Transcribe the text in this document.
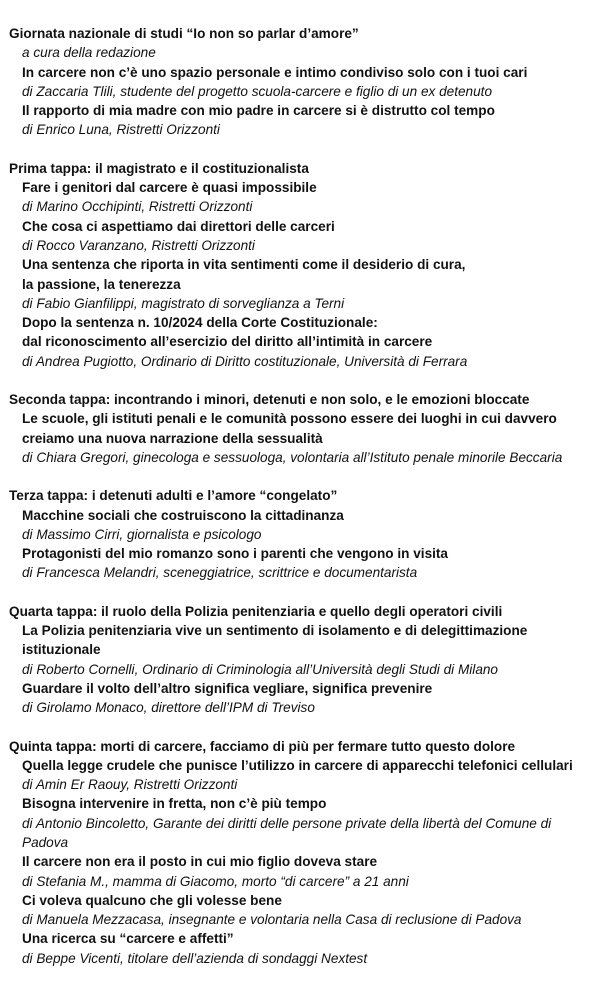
Giornata nazionale di studi “Io non so parlar d’amore”
a cura della redazione
In carcere non c’è uno spazio personale e intimo condiviso solo con i tuoi cari
di Zaccaria Tlili, studente del progetto scuola-carcere e figlio di un ex detenuto
Il rapporto di mia madre con mio padre in carcere si è distrutto col tempo
di Enrico Luna, Ristretti Orizzonti
Prima tappa: il magistrato e il costituzionalista
Fare i genitori dal carcere è quasi impossibile
di Marino Occhipinti, Ristretti Orizzonti
Che cosa ci aspettiamo dai direttori delle carceri
di Rocco Varanzano, Ristretti Orizzonti
Una sentenza che riporta in vita sentimenti come il desiderio di cura,
la passione, la tenerezza
di Fabio Gianfilippi, magistrato di sorveglianza a Terni
Dopo la sentenza n. 10/2024 della Corte Costituzionale:
dal riconoscimento all’esercizio del diritto all’intimità in carcere
di Andrea Pugiotto, Ordinario di Diritto costituzionale, Università di Ferrara
Seconda tappa: incontrando i minori, detenuti e non solo, e le emozioni bloccate
Le scuole, gli istituti penali e le comunità possono essere dei luoghi in cui davvero
creiamo una nuova narrazione della sessualità
di Chiara Gregori, ginecologa e sessuologa, volontaria all’Istituto penale minorile Beccaria
Terza tappa: i detenuti adulti e l’amore “congelato”
Macchine sociali che costruiscono la cittadinanza
di Massimo Cirri, giornalista e psicologo
Protagonisti del mio romanzo sono i parenti che vengono in visita
di Francesca Melandri, sceneggiatrice, scrittrice e documentarista
Quarta tappa: il ruolo della Polizia penitenziaria e quello degli operatori civili
La Polizia penitenziaria vive un sentimento di isolamento e di delegittimazione
istituzionale
di Roberto Cornelli, Ordinario di Criminologia all’Università degli Studi di Milano
Guardare il volto dell’altro significa vegliare, significa prevenire
di Girolamo Monaco, direttore dell’IPM di Treviso
Quinta tappa: morti di carcere, facciamo di più per fermare tutto questo dolore
Quella legge crudele che punisce l’utilizzo in carcere di apparecchi telefonici cellulari
di Amin Er Raouy, Ristretti Orizzonti
Bisogna intervenire in fretta, non c’è più tempo
di Antonio Bincoletto, Garante dei diritti delle persone private della libertà del Comune di
Padova
Il carcere non era il posto in cui mio figlio doveva stare
di Stefania M., mamma di Giacomo, morto “di carcere” a 21 anni
Ci voleva qualcuno che gli volesse bene
di Manuela Mezzacasa, insegnante e volontaria nella Casa di reclusione di Padova
Una ricerca su “carcere e affetti”
di Beppe Vicenti, titolare dell’azienda di sondaggi Nextest
